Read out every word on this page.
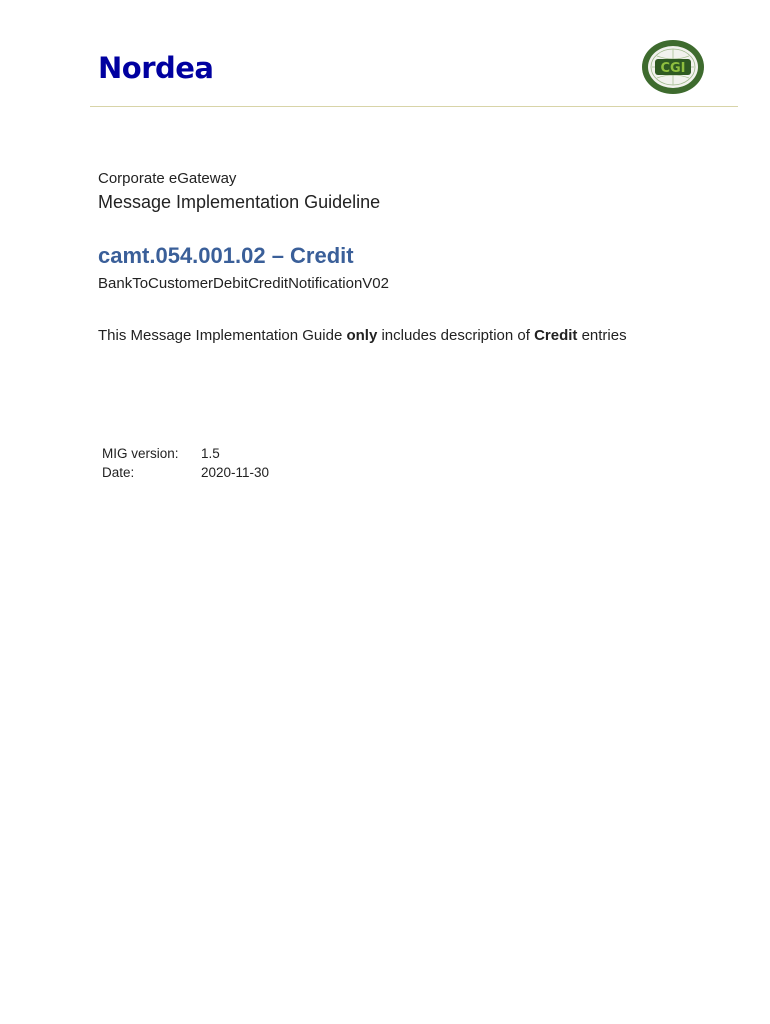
Nordea	CGI
Corporate eGateway
Message Implementation Guideline
camt.054.001.02 – Credit
BankToCustomerDebitCreditNotificationV02
This Message Implementation Guide only includes description of Credit entries
MIG version:	1.5
Date:	2020-11-30
